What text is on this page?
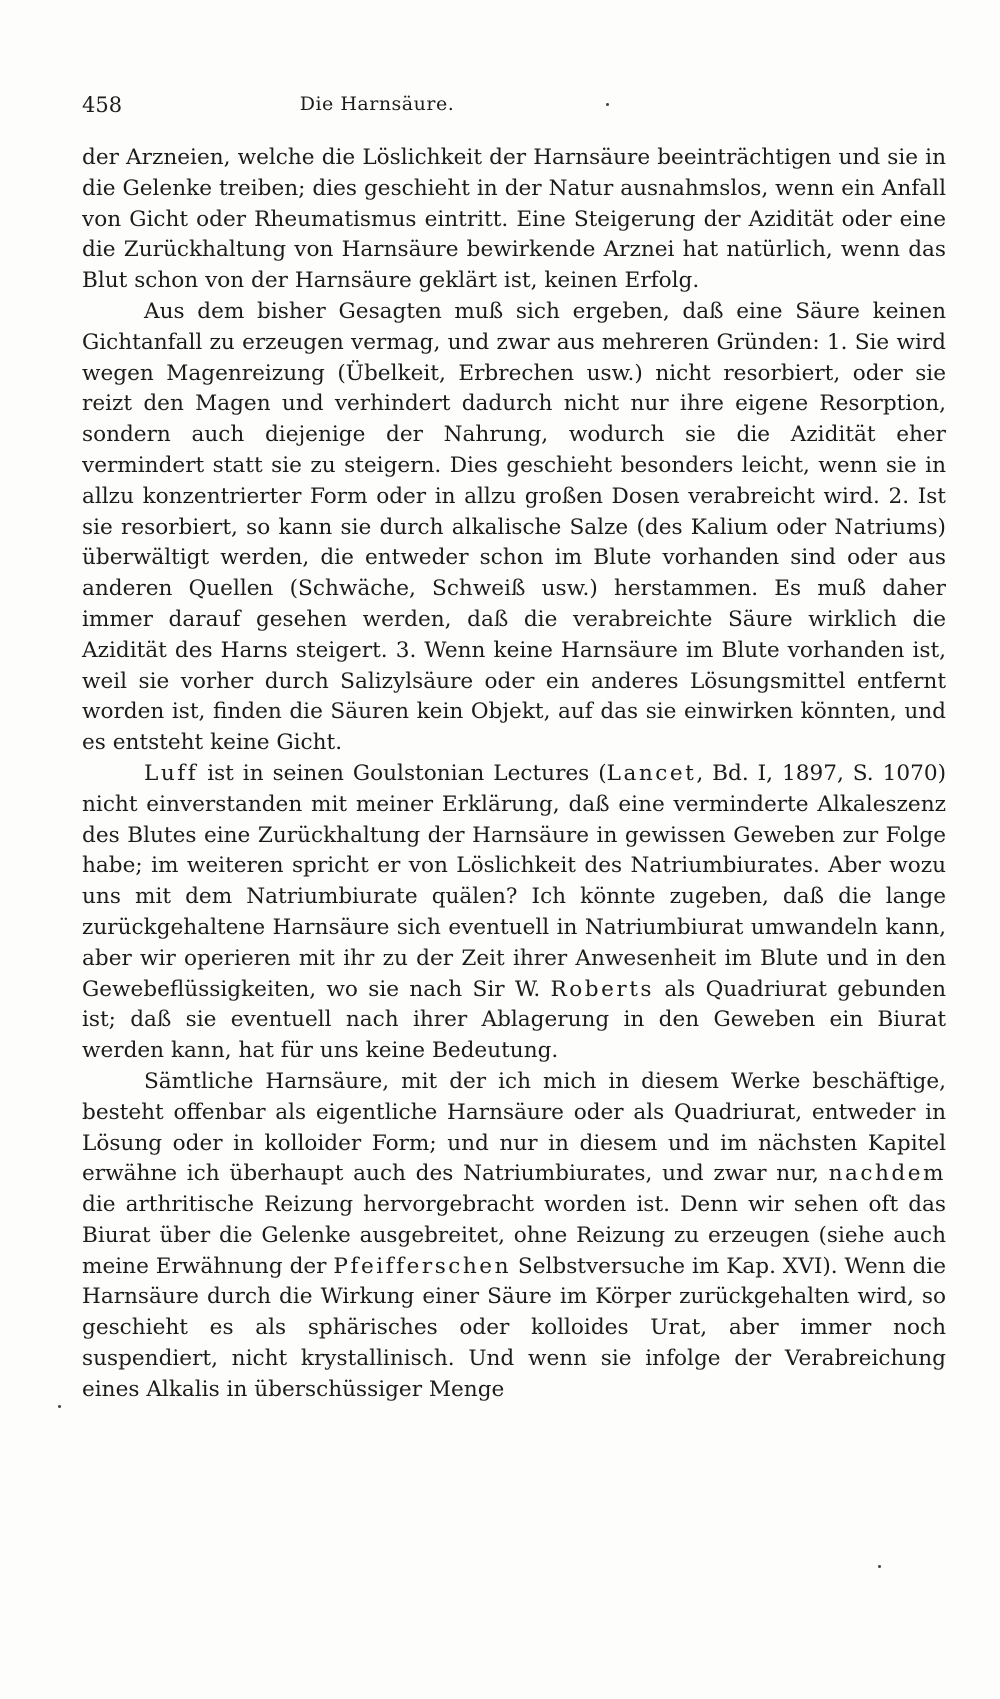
458	Die Harnsäure.

der Arzneien, welche die Löslichkeit der Harnsäure beeinträchtigen und sie in die Gelenke treiben; dies geschieht in der Natur ausnahmslos, wenn ein Anfall von Gicht oder Rheumatismus eintritt. Eine Steigerung der Azidität oder eine die Zurückhaltung von Harnsäure bewirkende Arznei hat natürlich, wenn das Blut schon von der Harnsäure geklärt ist, keinen Erfolg.

Aus dem bisher Gesagten muß sich ergeben, daß eine Säure keinen Gichtanfall zu erzeugen vermag, und zwar aus mehreren Gründen: 1. Sie wird wegen Magenreizung (Übelkeit, Erbrechen usw.) nicht resorbiert, oder sie reizt den Magen und verhindert dadurch nicht nur ihre eigene Resorption, sondern auch diejenige der Nahrung, wodurch sie die Azidität eher vermindert statt sie zu steigern. Dies geschieht besonders leicht, wenn sie in allzu konzentrierter Form oder in allzu großen Dosen verabreicht wird. 2. Ist sie resorbiert, so kann sie durch alkalische Salze (des Kalium oder Natriums) überwältigt werden, die entweder schon im Blute vorhanden sind oder aus anderen Quellen (Schwäche, Schweiß usw.) herstammen. Es muß daher immer darauf gesehen werden, daß die verabreichte Säure wirklich die Azidität des Harns steigert. 3. Wenn keine Harnsäure im Blute vorhanden ist, weil sie vorher durch Salizylsäure oder ein anderes Lösungsmittel entfernt worden ist, finden die Säuren kein Objekt, auf das sie einwirken könnten, und es entsteht keine Gicht.

Luff ist in seinen Goulstonian Lectures (Lancet, Bd. I, 1897, S. 1070) nicht einverstanden mit meiner Erklärung, daß eine verminderte Alkaleszenz des Blutes eine Zurückhaltung der Harnsäure in gewissen Geweben zur Folge habe; im weiteren spricht er von Löslichkeit des Natriumbiurates. Aber wozu uns mit dem Natriumbiurate quälen? Ich könnte zugeben, daß die lange zurückgehaltene Harnsäure sich eventuell in Natriumbiurat umwandeln kann, aber wir operieren mit ihr zu der Zeit ihrer Anwesenheit im Blute und in den Gewebeflüssigkeiten, wo sie nach Sir W. Roberts als Quadriurat gebunden ist; daß sie eventuell nach ihrer Ablagerung in den Geweben ein Biurat werden kann, hat für uns keine Bedeutung.

Sämtliche Harnsäure, mit der ich mich in diesem Werke beschäftige, besteht offenbar als eigentliche Harnsäure oder als Quadriurat, entweder in Lösung oder in kolloider Form; und nur in diesem und im nächsten Kapitel erwähne ich überhaupt auch des Natriumbiurates, und zwar nur, nachdem die arthritische Reizung hervorgebracht worden ist. Denn wir sehen oft das Biurat über die Gelenke ausgebreitet, ohne Reizung zu erzeugen (siehe auch meine Erwähnung der Pfeifferschen Selbstversuche im Kap. XVI). Wenn die Harnsäure durch die Wirkung einer Säure im Körper zurückgehalten wird, so geschieht es als sphärisches oder kolloides Urat, aber immer noch suspendiert, nicht krystallinisch. Und wenn sie infolge der Verabreichung eines Alkalis in überschüssiger Menge
